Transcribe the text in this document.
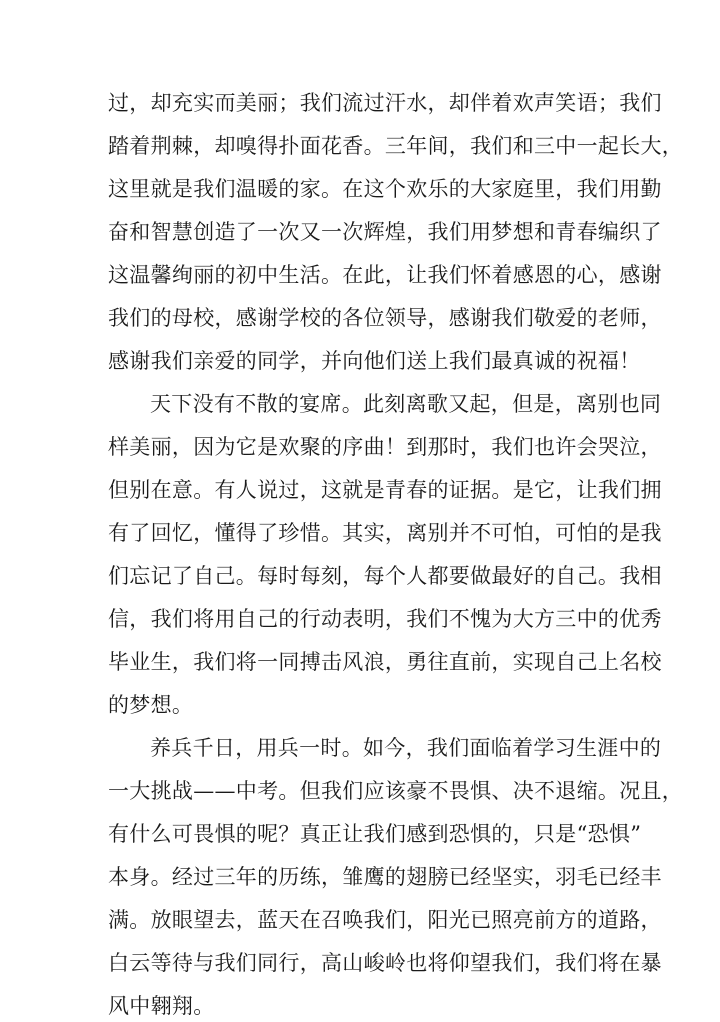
过，却充实而美丽；我们流过汗水，却伴着欢声笑语；我们
踏着荆棘，却嗅得扑面花香。三年间，我们和三中一起长大，
这里就是我们温暖的家。在这个欢乐的大家庭里，我们用勤
奋和智慧创造了一次又一次辉煌，我们用梦想和青春编织了
这温馨绚丽的初中生活。在此，让我们怀着感恩的心，感谢
我们的母校，感谢学校的各位领导，感谢我们敬爱的老师，
感谢我们亲爱的同学，并向他们送上我们最真诚的祝福！
天下没有不散的宴席。此刻离歌又起，但是，离别也同
样美丽，因为它是欢聚的序曲！到那时，我们也许会哭泣，
但别在意。有人说过，这就是青春的证据。是它，让我们拥
有了回忆，懂得了珍惜。其实，离别并不可怕，可怕的是我
们忘记了自己。每时每刻，每个人都要做最好的自己。我相
信，我们将用自己的行动表明，我们不愧为大方三中的优秀
毕业生，我们将一同搏击风浪，勇往直前，实现自己上名校
的梦想。
养兵千日，用兵一时。如今，我们面临着学习生涯中的
一大挑战——中考。但我们应该豪不畏惧、决不退缩。况且，
有什么可畏惧的呢？真正让我们感到恐惧的，只是“恐惧”
本身。经过三年的历练，雏鹰的翅膀已经坚实，羽毛已经丰
满。放眼望去，蓝天在召唤我们，阳光已照亮前方的道路，
白云等待与我们同行，高山峻岭也将仰望我们，我们将在暴
风中翱翔。
